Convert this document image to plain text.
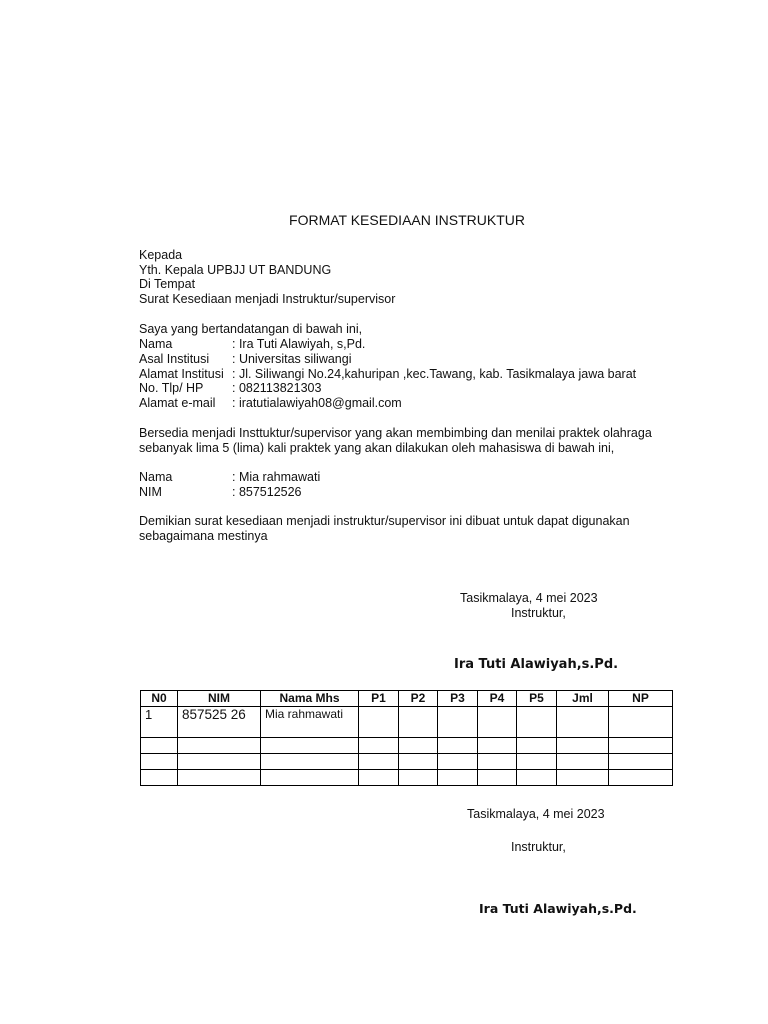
FORMAT KESEDIAAN INSTRUKTUR
Kepada
Yth. Kepala UPBJJ UT BANDUNG
Di Tempat
Surat Kesediaan menjadi Instruktur/supervisor
Saya yang bertandatangan di bawah ini,
Nama	: Ira Tuti Alawiyah, s,Pd.
Asal Institusi : Universitas siliwangi
Alamat Institusi : Jl. Siliwangi No.24,kahuripan ,kec.Tawang, kab. Tasikmalaya jawa barat
No. Tlp/ HP : 082113821303
Alamat e-mail : iratutialawiyah08@gmail.com
Bersedia menjadi Insttuktur/supervisor yang akan membimbing dan menilai praktek olahraga
sebanyak lima 5 (lima) kali praktek yang akan dilakukan oleh mahasiswa di bawah ini,
Nama	: Mia rahmawati
NIM	: 857512526
Demikian surat kesediaan menjadi instruktur/supervisor ini dibuat untuk dapat digunakan
sebagaimana mestinya
Tasikmalaya, 4 mei 2023
Instruktur,
Ira Tuti Alawiyah,s.Pd.
N0	NIM	Nama Mhs	P1	P2	P3	P4	P5	Jml	NP
1	857525 26	Mia rahmawati							

Tasikmalaya, 4 mei 2023
Instruktur,
Ira Tuti Alawiyah,s.Pd.
